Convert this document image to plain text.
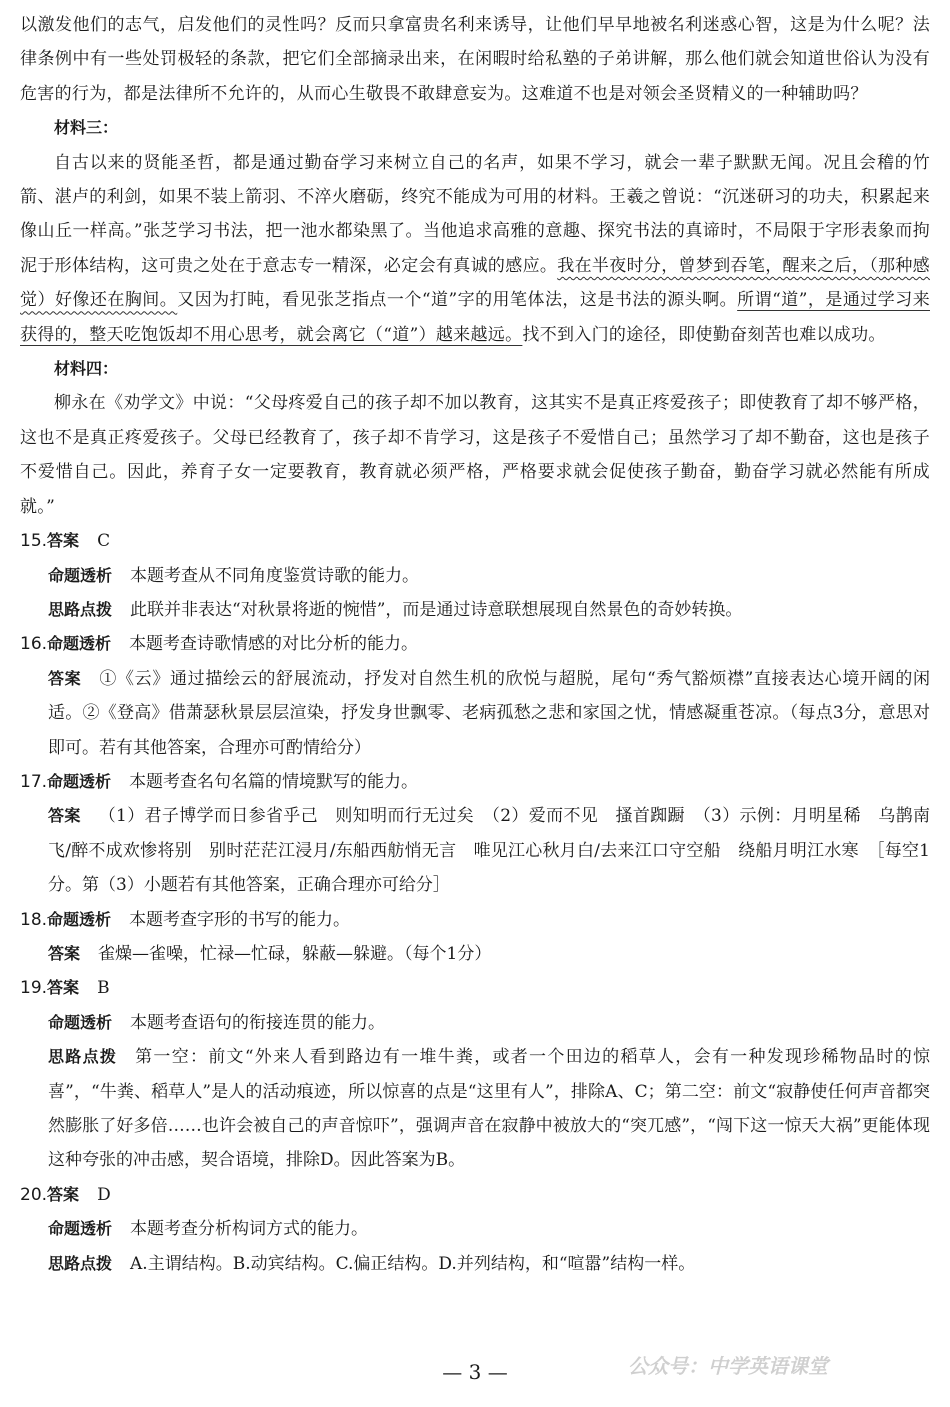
以激发他们的志气，启发他们的灵性吗？反而只拿富贵名利来诱导，让他们早早地被名利迷惑心智，这是为什么呢？法律条例中有一些处罚极轻的条款，把它们全部摘录出来，在闲暇时给私塾的子弟讲解，那么他们就会知道世俗认为没有危害的行为，都是法律所不允许的，从而心生敬畏不敢肆意妄为。这难道不也是对领会圣贤精义的一种辅助吗？

材料三：

自古以来的贤能圣哲，都是通过勤奋学习来树立自己的名声，如果不学习，就会一辈子默默无闻。况且会稽的竹箭、湛卢的利剑，如果不装上箭羽、不淬火磨砺，终究不能成为可用的材料。王羲之曾说：“沉迷研习的功夫，积累起来像山丘一样高。”张芝学习书法，把一池水都染黑了。当他追求高雅的意趣、探究书法的真谛时，不局限于字形表象而拘泥于形体结构，这可贵之处在于意志专一精深，必定会有真诚的感应。我在半夜时分，曾梦到吞笔，醒来之后，（那种感觉）好像还在胸间。又因为打盹，看见张芝指点一个“道”字的用笔体法，这是书法的源头啊。所谓“道”，是通过学习来获得的，整天吃饱饭却不用心思考，就会离它（“道”）越来越远。找不到入门的途径，即使勤奋刻苦也难以成功。

材料四：

柳永在《劝学文》中说：“父母疼爱自己的孩子却不加以教育，这其实不是真正疼爱孩子；即使教育了却不够严格，这也不是真正疼爱孩子。父母已经教育了，孩子却不肯学习，这是孩子不爱惜自己；虽然学习了却不勤奋，这也是孩子不爱惜自己。因此，养育子女一定要教育，教育就必须严格，严格要求就会促使孩子勤奋，勤奋学习就必然能有所成就。”

15.答案 C

命题透析 本题考查从不同角度鉴赏诗歌的能力。

思路点拨 此联并非表达“对秋景将逝的惋惜”，而是通过诗意联想展现自然景色的奇妙转换。

16.命题透析 本题考查诗歌情感的对比分析的能力。

答案 ①《云》通过描绘云的舒展流动，抒发对自然生机的欣悦与超脱，尾句“秀气豁烦襟”直接表达心境开阔的闲适。②《登高》借萧瑟秋景层层渲染，抒发身世飘零、老病孤愁之悲和家国之忧，情感凝重苍凉。（每点3分，意思对即可。若有其他答案，合理亦可酌情给分）

17.命题透析 本题考查名句名篇的情境默写的能力。

答案 （1）君子博学而日参省乎己　则知明而行无过矣　（2）爱而不见　搔首踟蹰　（3）示例：月明星稀　乌鹊南飞/醉不成欢惨将别　别时茫茫江浸月/东船西舫悄无言　唯见江心秋月白/去来江口守空船　绕船月明江水寒　［每空1分。第（3）小题若有其他答案，正确合理亦可给分］

18.命题透析 本题考查字形的书写的能力。

答案 雀燥—雀噪，忙禄—忙碌，躲蔽—躲避。（每个1分）

19.答案 B

命题透析 本题考查语句的衔接连贯的能力。

思路点拨 第一空：前文“外来人看到路边有一堆牛粪，或者一个田边的稻草人，会有一种发现珍稀物品时的惊喜”，“牛粪、稻草人”是人的活动痕迹，所以惊喜的点是“这里有人”，排除A、C；第二空：前文“寂静使任何声音都突然膨胀了好多倍……也许会被自己的声音惊吓”，强调声音在寂静中被放大的“突兀感”，“闯下这一惊天大祸”更能体现这种夸张的冲击感，契合语境，排除D。因此答案为B。

20.答案 D

命题透析 本题考查分析构词方式的能力。

思路点拨 A.主谓结构。B.动宾结构。C.偏正结构。D.并列结构，和“喧嚣”结构一样。

公众号：中学英语课堂
— 3 —
